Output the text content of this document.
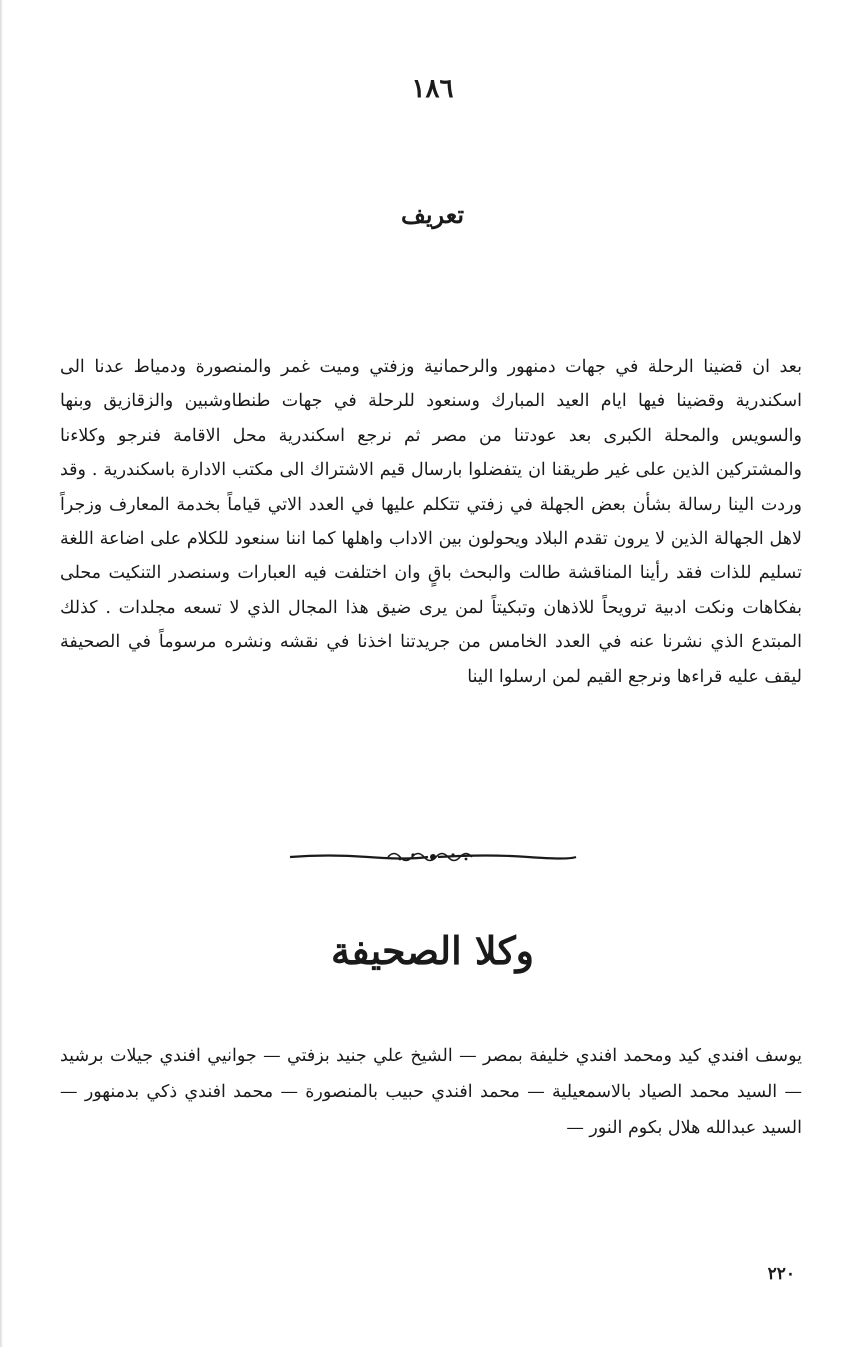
١٨٦
تعريف
بعد ان قضينا الرحلة في جهات دمنهور والرحمانية وزفتي وميت غمر والمنصورة ودمياط عدنا الى اسكندرية وقضينا فيها ايام العيد المبارك وسنعود للرحلة في جهات طنطاوشبين والزقازيق وبنها والسويس والمحلة الكبرى بعد عودتنا من مصر ثم نرجع اسكندرية محل الاقامة فنرجو وكلاءنا والمشتركين الذين على غير طريقنا ان يتفضلوا بارسال قيم الاشتراك الى مكتب الادارة باسكندرية . وقد وردت الينا رسالة بشأن بعض الجهلة في زفتي تتكلم عليها في العدد الاتي قياماً بخدمة المعارف وزجراً لاهل الجهالة الذين لا يرون تقدم البلاد ويحولون بين الاداب واهلها كما اننا سنعود للكلام على اضاعة اللغة تسليم للذات فقد رأينا المناقشة طالت والبحث باقٍ وان اختلفت فيه العبارات وسنصدر التنكيت محلى بفكاهات ونكت ادبية ترويحاً للاذهان وتبكيتاً لمن يرى ضيق هذا المجال الذي لا تسعه مجلدات . كذلك المبتدع الذي نشرنا عنه في العدد الخامس من جريدتنا اخذنا في نقشه ونشره مرسوماً في الصحيفة ليقف عليه قراءها ونرجع القيم لمن ارسلوا الينا
وكلا الصحيفة
يوسف افندي كيد ومحمد افندي خليفة بمصر — الشيخ علي جنيد بزفتي — جوانيي افندي جيلات برشيد — السيد محمد الصياد بالاسمعيلية — محمد افندي حبيب بالمنصورة — محمد افندي ذكي بدمنهور — السيد عبدالله هلال بكوم النور —
٢٢٠
